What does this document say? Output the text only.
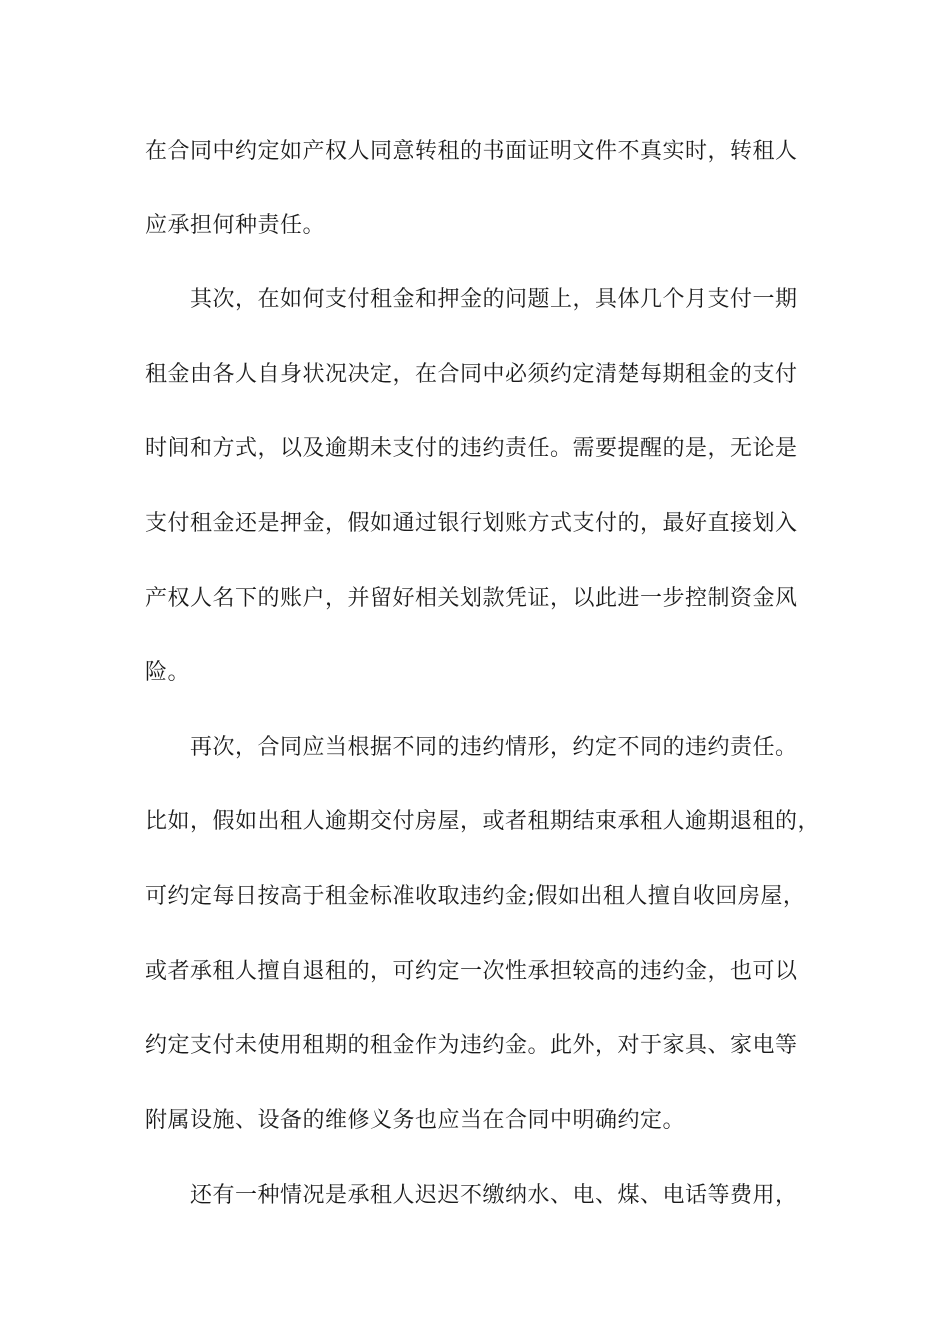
在合同中约定如产权人同意转租的书面证明文件不真实时，转租人
应承担何种责任。
其次，在如何支付租金和押金的问题上，具体几个月支付一期
租金由各人自身状况决定，在合同中必须约定清楚每期租金的支付
时间和方式，以及逾期未支付的违约责任。需要提醒的是，无论是
支付租金还是押金，假如通过银行划账方式支付的，最好直接划入
产权人名下的账户，并留好相关划款凭证，以此进一步控制资金风
险。
再次，合同应当根据不同的违约情形，约定不同的违约责任。
比如，假如出租人逾期交付房屋，或者租期结束承租人逾期退租的，
可约定每日按高于租金标准收取违约金;假如出租人擅自收回房屋，
或者承租人擅自退租的，可约定一次性承担较高的违约金，也可以
约定支付未使用租期的租金作为违约金。此外，对于家具、家电等
附属设施、设备的维修义务也应当在合同中明确约定。
还有一种情况是承租人迟迟不缴纳水、电、煤、电话等费用，
